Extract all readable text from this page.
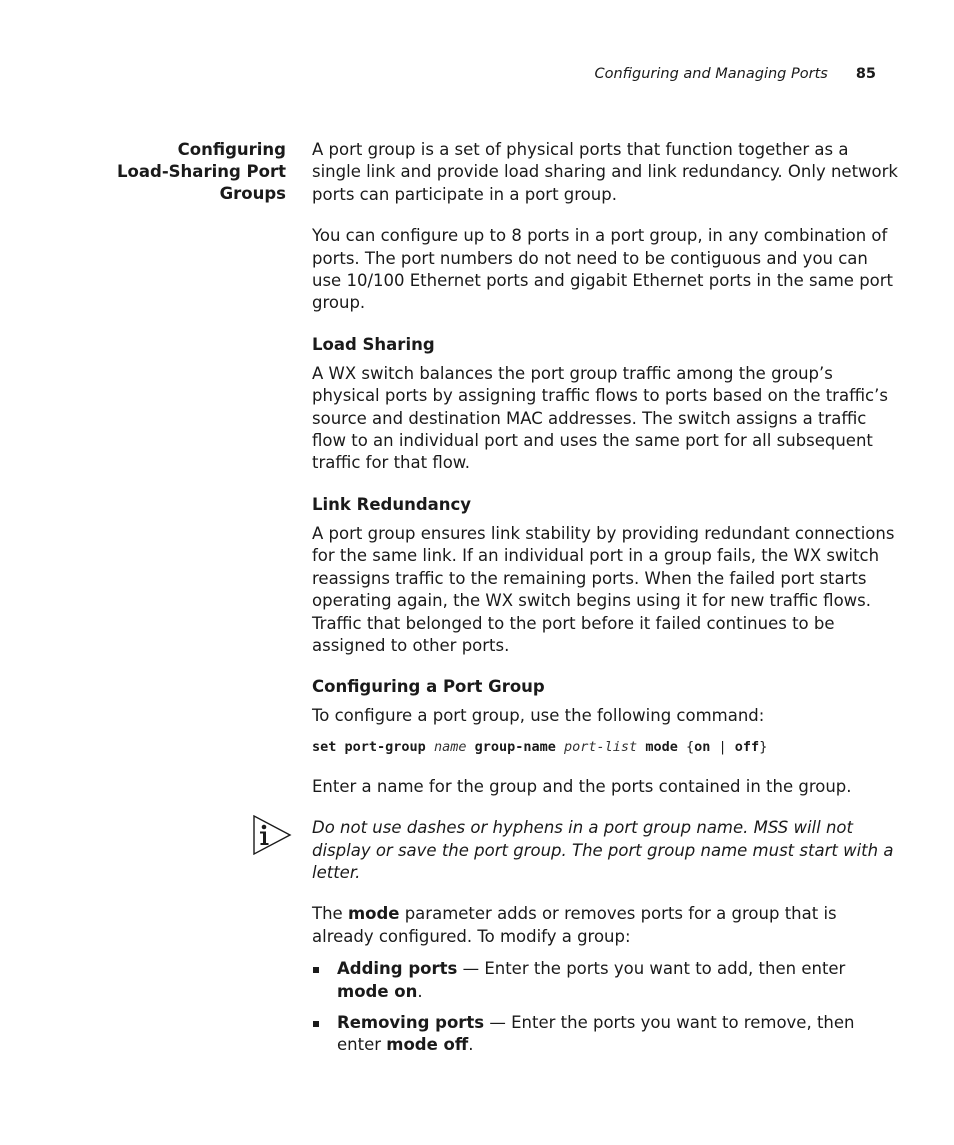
Configuring and Managing Ports 85
Configuring
Load-Sharing Port
Groups

A port group is a set of physical ports that function together as a single link and provide load sharing and link redundancy. Only network ports can participate in a port group.

You can configure up to 8 ports in a port group, in any combination of ports. The port numbers do not need to be contiguous and you can use 10/100 Ethernet ports and gigabit Ethernet ports in the same port group.

Load Sharing

A WX switch balances the port group traffic among the group’s physical ports by assigning traffic flows to ports based on the traffic’s source and destination MAC addresses. The switch assigns a traffic flow to an individual port and uses the same port for all subsequent traffic for that flow.

Link Redundancy

A port group ensures link stability by providing redundant connections for the same link. If an individual port in a group fails, the WX switch reassigns traffic to the remaining ports. When the failed port starts operating again, the WX switch begins using it for new traffic flows. Traffic that belonged to the port before it failed continues to be assigned to other ports.

Configuring a Port Group

To configure a port group, use the following command:

set port-group name group-name port-list mode {on | off}

Enter a name for the group and the ports contained in the group.

Do not use dashes or hyphens in a port group name. MSS will not display or save the port group. The port group name must start with a letter.

The mode parameter adds or removes ports for a group that is already configured. To modify a group:

Adding ports — Enter the ports you want to add, then enter mode on.
Removing ports — Enter the ports you want to remove, then enter mode off.
